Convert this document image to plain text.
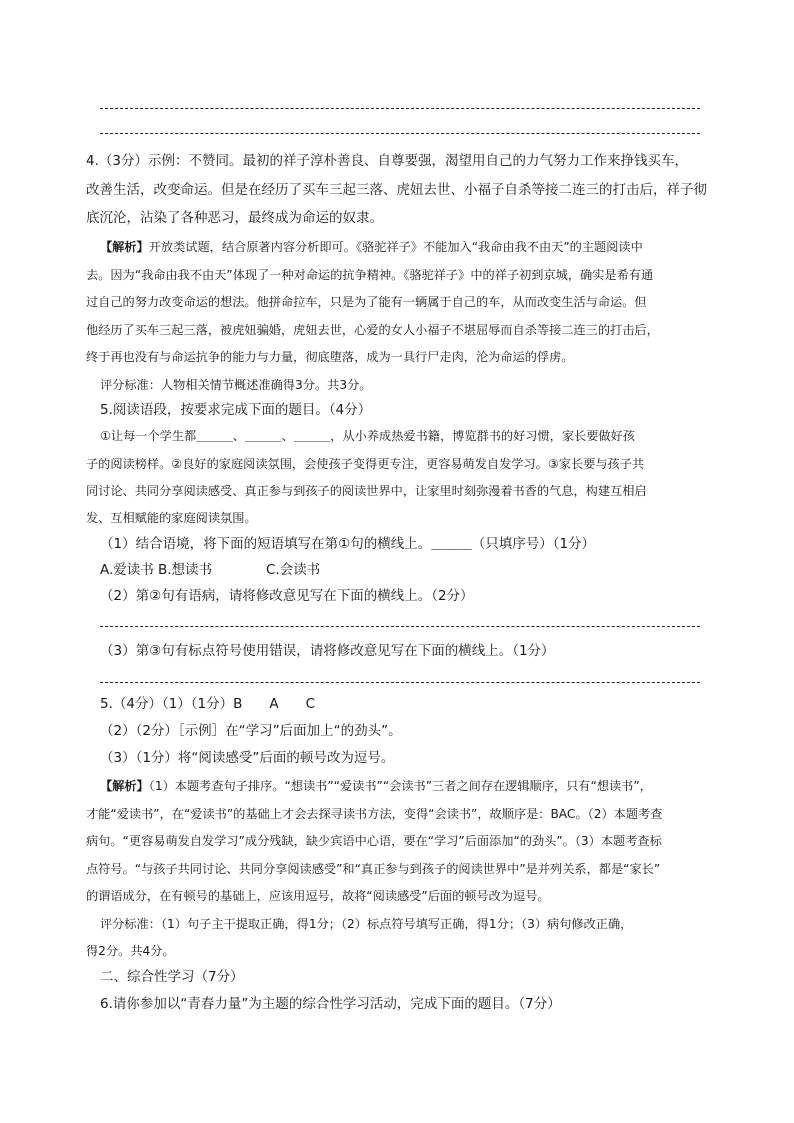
4.（3分）示例：不赞同。最初的祥子淳朴善良、自尊要强，渴望用自己的力气努力工作来挣钱买车，
改善生活，改变命运。但是在经历了买车三起三落、虎妞去世、小福子自杀等接二连三的打击后，祥子彻
底沉沦，沾染了各种恶习，最终成为命运的奴隶。
【解析】开放类试题，结合原著内容分析即可。《骆驼祥子》不能加入“我命由我不由天”的主题阅读中
去。因为“我命由我不由天”体现了一种对命运的抗争精神。《骆驼祥子》中的祥子初到京城，确实是希有通
过自己的努力改变命运的想法。他拼命拉车，只是为了能有一辆属于自己的车，从而改变生活与命运。但
他经历了买车三起三落，被虎妞骗婚，虎妞去世，心爱的女人小福子不堪屈辱而自杀等接二连三的打击后，
终于再也没有与命运抗争的能力与力量，彻底堕落，成为一具行尸走肉，沦为命运的俘虏。
评分标准：人物相关情节概述准确得3分。共3分。
5.阅读语段，按要求完成下面的题目。（4分）
①让每一个学生都＿＿＿、＿＿＿、＿＿＿，从小养成热爱书籍，博览群书的好习惯，家长要做好孩
子的阅读榜样。②良好的家庭阅读氛围，会使孩子变得更专注，更容易萌发自发学习。③家长要与孩子共
同讨论、共同分享阅读感受、真正参与到孩子的阅读世界中，让家里时刻弥漫着书香的气息，构建互相启
发、互相赋能的家庭阅读氛围。
（1）结合语境，将下面的短语填写在第①句的横线上。＿＿＿（只填序号）（1分）
A.爱读书 B.想读书	C.会读书
（2）第②句有语病，请将修改意见写在下面的横线上。（2分）
（3）第③句有标点符号使用错误，请将修改意见写在下面的横线上。（1分）
5.（4分）（1）（1分）B　　A　　C
（2）（2分）［示例］在“学习”后面加上“的劲头”。
（3）（1分）将“阅读感受”后面的顿号改为逗号。
【解析】（1）本题考查句子排序。“想读书”“爱读书”“会读书”三者之间存在逻辑顺序，只有“想读书”，
才能“爱读书”，在“爱读书”的基础上才会去探寻读书方法，变得“会读书”，故顺序是：BAC。（2）本题考查
病句。“更容易萌发自发学习”成分残缺，缺少宾语中心语，要在“学习”后面添加“的劲头”。（3）本题考查标
点符号。“与孩子共同讨论、共同分享阅读感受”和“真正参与到孩子的阅读世界中”是并列关系，都是“家长”
的谓语成分，在有顿号的基础上，应该用逗号，故将“阅读感受”后面的顿号改为逗号。
评分标准：（1）句子主干提取正确，得1分；（2）标点符号填写正确，得1分；（3）病句修改正确，
得2分。共4分。
二、综合性学习（7分）
6.请你参加以“青春力量”为主题的综合性学习活动，完成下面的题目。（7分）
